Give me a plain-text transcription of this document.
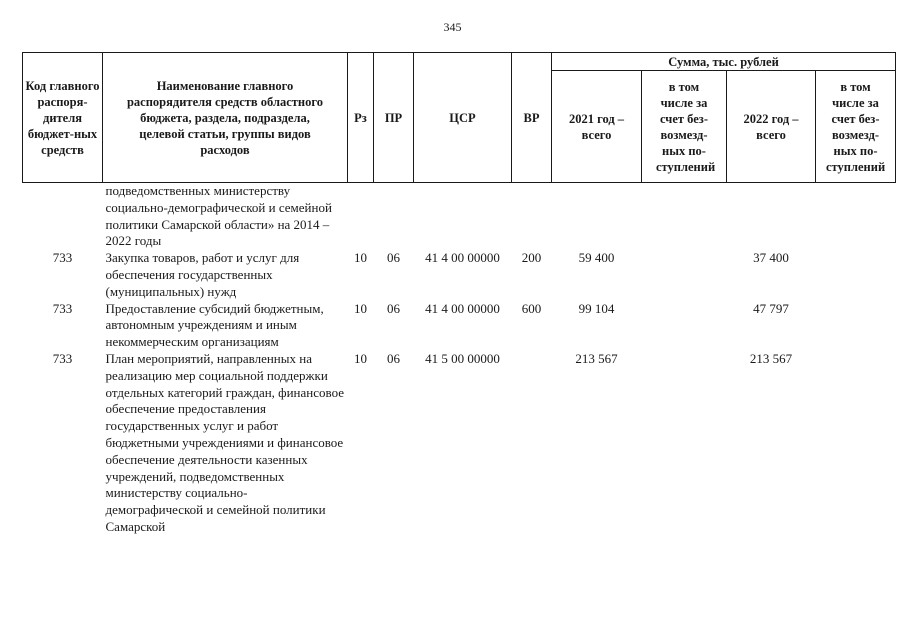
345
Код главного распоря-дителя бюджет-ных средств	Наименование главного распорядителя средств областного бюджета, раздела, подраздела, целевой статьи, группы видов расходов	Рз	ПР	ЦСР	ВР	Сумма, тыс. рублей			
						2021 год – всего	в том числе за счет без-возмезд-ных по-ступлений	2022 год – всего	в том числе за счет без-возмезд-ных по-ступлений
	подведомственных министерству социально-демографической и семейной политики Самарской области» на 2014 – 2022 годы								
733	Закупка товаров, работ и услуг для обеспечения государственных (муниципальных) нужд	10	06	41 4 00 00000	200	59 400		37 400	
733	Предоставление субсидий бюджетным, автономным учреждениям и иным некоммерческим организациям	10	06	41 4 00 00000	600	99 104		47 797	
733	План мероприятий, направленных на реализацию мер социальной поддержки отдельных категорий граждан, финансовое обеспечение предоставления государственных услуг и работ бюджетными учреждениями и финансовое обеспечение деятельности казенных учреждений, подведомственных министерству социально-демографической и семейной политики Самарской	10	06	41 5 00 00000		213 567		213 567	
